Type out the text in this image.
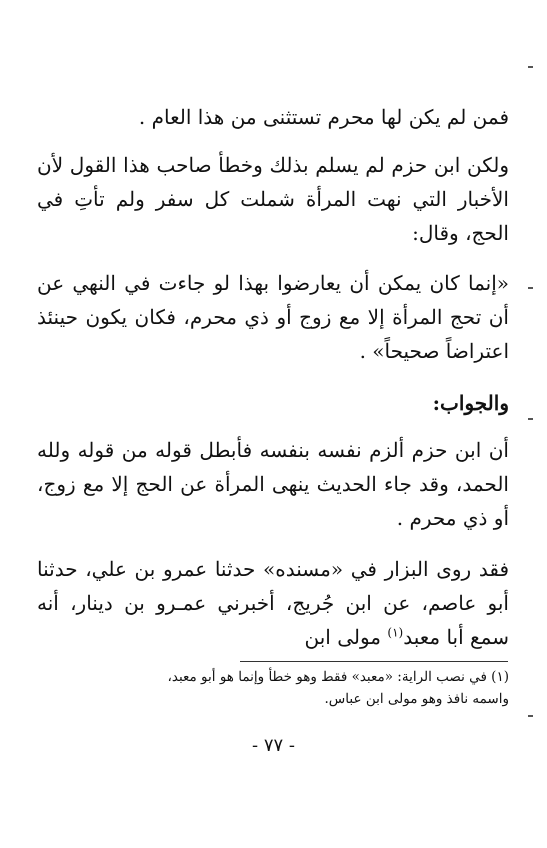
فمن لم يكن لها محرم تستثنى من هذا العام .

ولكن ابن حزم لم يسلم بذلك وخطأ صاحب هذا القول لأن الأخبار التي نهت المرأة شملت كل سفر ولم تأتِ في الحج، وقال:

«إنما كان يمكن أن يعارضوا بهذا لو جاءت في النهي عن أن تحج المرأة إلا مع زوج أو ذي محرم، فكان يكون حينئذ اعتراضاً صحيحاً» .

والجواب:

أن ابن حزم ألزم نفسه بنفسه فأبطل قوله من قوله ولله الحمد، وقد جاء الحديث ينهى المرأة عن الحج إلا مع زوج، أو ذي محرم .

فقد روى البزار في «مسنده» حدثنا عمرو بن علي، حدثنا أبو عاصم، عن ابن جُريج، أخبرني عمـرو بن دينار، أنه سمع أبا معبد$^{(١)}$ مولى ابن

(١) في نصب الراية: «معبد» فقط وهو خطأ وإنما هو أبو معبد،
واسمه نافذ وهو مولى ابن عباس.
- ٧٧ -
